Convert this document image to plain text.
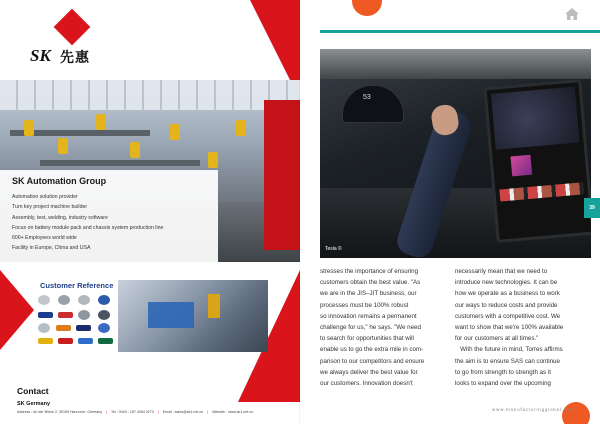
SK 先惠
SK Automation Group
Automation solution provider
Turn key project machine builder
Assembly, test, welding, industry software
Focus on battery module pack and chassis system production line
600+ Employees world wide
Facility in Europe, China and USA
Customer Reference
Contact
SK Germany
Address : An der Börse 2, 30159 Hannover, Germany | Tel : 0049 - 157 4264 0273 | Email : sales@sk1.net.cn | Website : www.sk1.net.cn
53
Tesla ©
39

stresses the importance of ensuring

customers obtain the best value. "As

we are in the JIS–JIT business, our

processes must be 100% robust

so innovation remains a permanent

challenge for us," he says. "We need

to search for opportunities that will

enable us to go the extra mile in com-

parison to our competitors and ensure

we always deliver the best value for

our customers. Innovation doesn't

necessarily mean that we need to

introduce new technologies. It can be

how we operate as a business to work

our ways to reduce costs and provide

customers with a competitive cost. We

want to show that we're 100% available

for our customers at all times."

With the future in mind, Torres affirms

the aim is to ensure SAS can continue

to go from strength to strength as it

looks to expand over the upcoming

www.manufacturingglobal.com
